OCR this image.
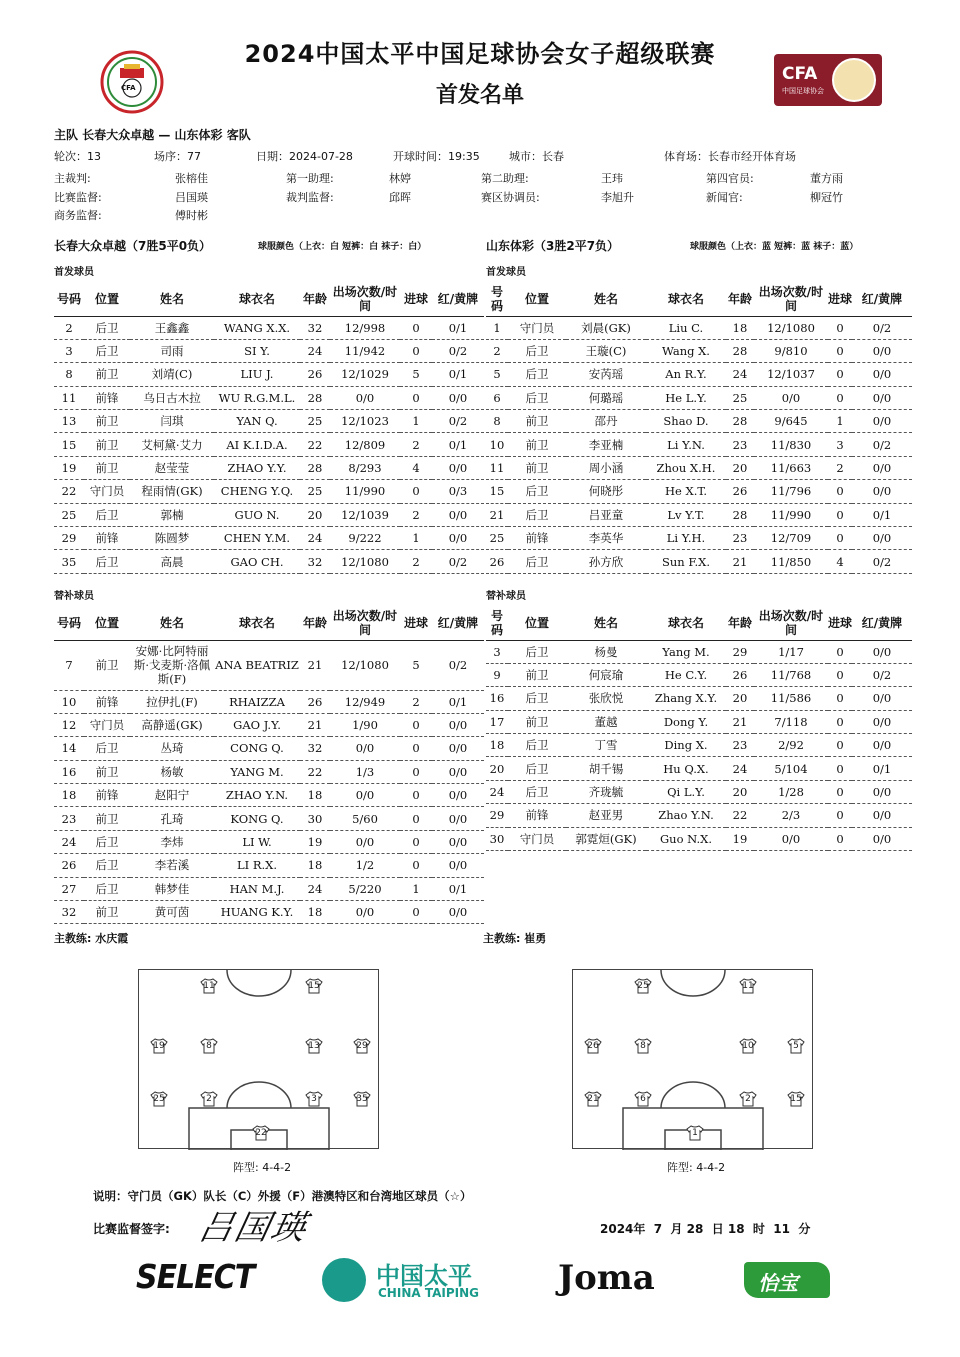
CFA
2024中国太平中国足球协会女子超级联赛
首发名单
CFA
中国足球协会
主队 长春大众卓越 — 山东体彩 客队
轮次：13	场序：77	日期：2024-07-28	开球时间：19:35	城市：长春	体育场：长春市经开体育场
主裁判:	张榕佳	第一助理:	林婷	第二助理:	王玮	第四官员:	董方雨
比赛监督:	吕国瑛	裁判监督:	邱晖	赛区协调员:	李旭升	新闻官:	柳冠竹
商务监督:	傅时彬
长春大众卓越（7胜5平0负）	球服颜色（上衣：白 短裤：白 袜子：白）	山东体彩（3胜2平7负）	球服颜色（上衣：蓝 短裤：蓝 袜子：蓝）
首发球员	首发球员
号码	位置	姓名	球衣名	年龄	出场次数/时间	进球	红/黄牌
2	后卫	王鑫鑫	WANG X.X.	32	12/998	0	0/1
3	后卫	司雨	SI Y.	24	11/942	0	0/2
8	前卫	刘靖(C)	LIU J.	26	12/1029	5	0/1
11	前锋	乌日古木拉	WU R.G.M.L.	28	0/0	0	0/0
13	前卫	闫琪	YAN Q.	25	12/1023	1	0/2
15	前卫	艾柯黛·艾力	AI K.I.D.A.	22	12/809	2	0/1
19	前卫	赵莹莹	ZHAO Y.Y.	28	8/293	4	0/0
22	守门员	程雨情(GK)	CHENG Y.Q.	25	11/990	0	0/3
25	后卫	郭楠	GUO N.	20	12/1039	2	0/0
29	前锋	陈圆梦	CHEN Y.M.	24	9/222	1	0/0
35	后卫	高晨	GAO CH.	32	12/1080	2	0/2
号码	位置	姓名	球衣名	年龄	出场次数/时间	进球	红/黄牌
1	守门员	刘晨(GK)	Liu C.	18	12/1080	0	0/2
2	后卫	王璇(C)	Wang X.	28	9/810	0	0/0
5	后卫	安芮瑶	An R.Y.	24	12/1037	0	0/0
6	后卫	何璐瑶	He L.Y.	25	0/0	0	0/0
8	前卫	邵丹	Shao D.	28	9/645	1	0/0
10	前卫	李亚楠	Li Y.N.	23	11/830	3	0/2
11	前卫	周小涵	Zhou X.H.	20	11/663	2	0/0
15	后卫	何晓彤	He X.T.	26	11/796	0	0/0
21	后卫	吕亚童	Lv Y.T.	28	11/990	0	0/1
25	前锋	李英华	Li Y.H.	23	12/709	0	0/0
26	后卫	孙方欣	Sun F.X.	21	11/850	4	0/2
替补球员	替补球员
号码	位置	姓名	球衣名	年龄	出场次数/时间	进球	红/黄牌
7	前卫	安娜·比阿特丽斯·戈麦斯·洛佩斯(F)	ANA BEATRIZ	21	12/1080	5	0/2
10	前锋	拉伊扎(F)	RHAIZZA	26	12/949	2	0/1
12	守门员	高静遥(GK)	GAO J.Y.	21	1/90	0	0/0
14	后卫	丛琦	CONG Q.	32	0/0	0	0/0
16	前卫	杨敏	YANG M.	22	1/3	0	0/0
18	前锋	赵阳宁	ZHAO Y.N.	18	0/0	0	0/0
23	前卫	孔琦	KONG Q.	30	5/60	0	0/0
24	后卫	李炜	LI W.	19	0/0	0	0/0
26	后卫	李若溪	LI R.X.	18	1/2	0	0/0
27	后卫	韩梦佳	HAN M.J.	24	5/220	1	0/1
32	前卫	黄可茵	HUANG K.Y.	18	0/0	0	0/0
号码	位置	姓名	球衣名	年龄	出场次数/时间	进球	红/黄牌
3	后卫	杨曼	Yang M.	29	1/17	0	0/0
9	前卫	何宸瑜	He C.Y.	26	11/768	0	0/2
16	后卫	张欣悦	Zhang X.Y.	20	11/586	0	0/0
17	前卫	董越	Dong Y.	21	7/118	0	0/0
18	后卫	丁雪	Ding X.	23	2/92	0	0/0
20	后卫	胡千锡	Hu Q.X.	24	5/104	0	0/1
24	后卫	齐珑毓	Qi L.Y.	20	1/28	0	0/0
29	前锋	赵亚男	Zhao Y.N.	22	2/3	0	0/0
30	守门员	郭霓烜(GK)	Guo N.X.	19	0/0	0	0/0
主教练: 水庆霞	主教练: 崔勇
11	15
19	8	13	29
25	2	3	35
22
阵型: 4-4-2
25	11
26	8	10	5
21	6	2	15
1
阵型: 4-4-2
说明：守门员（GK）队长（C）外援（F）港澳特区和台湾地区球员（☆）
比赛监督签字: 吕国瑛	2024年  7  月 28  日 18  时  11  分
SELECT	中国太平
CHINA TAIPING Joma	怡宝
